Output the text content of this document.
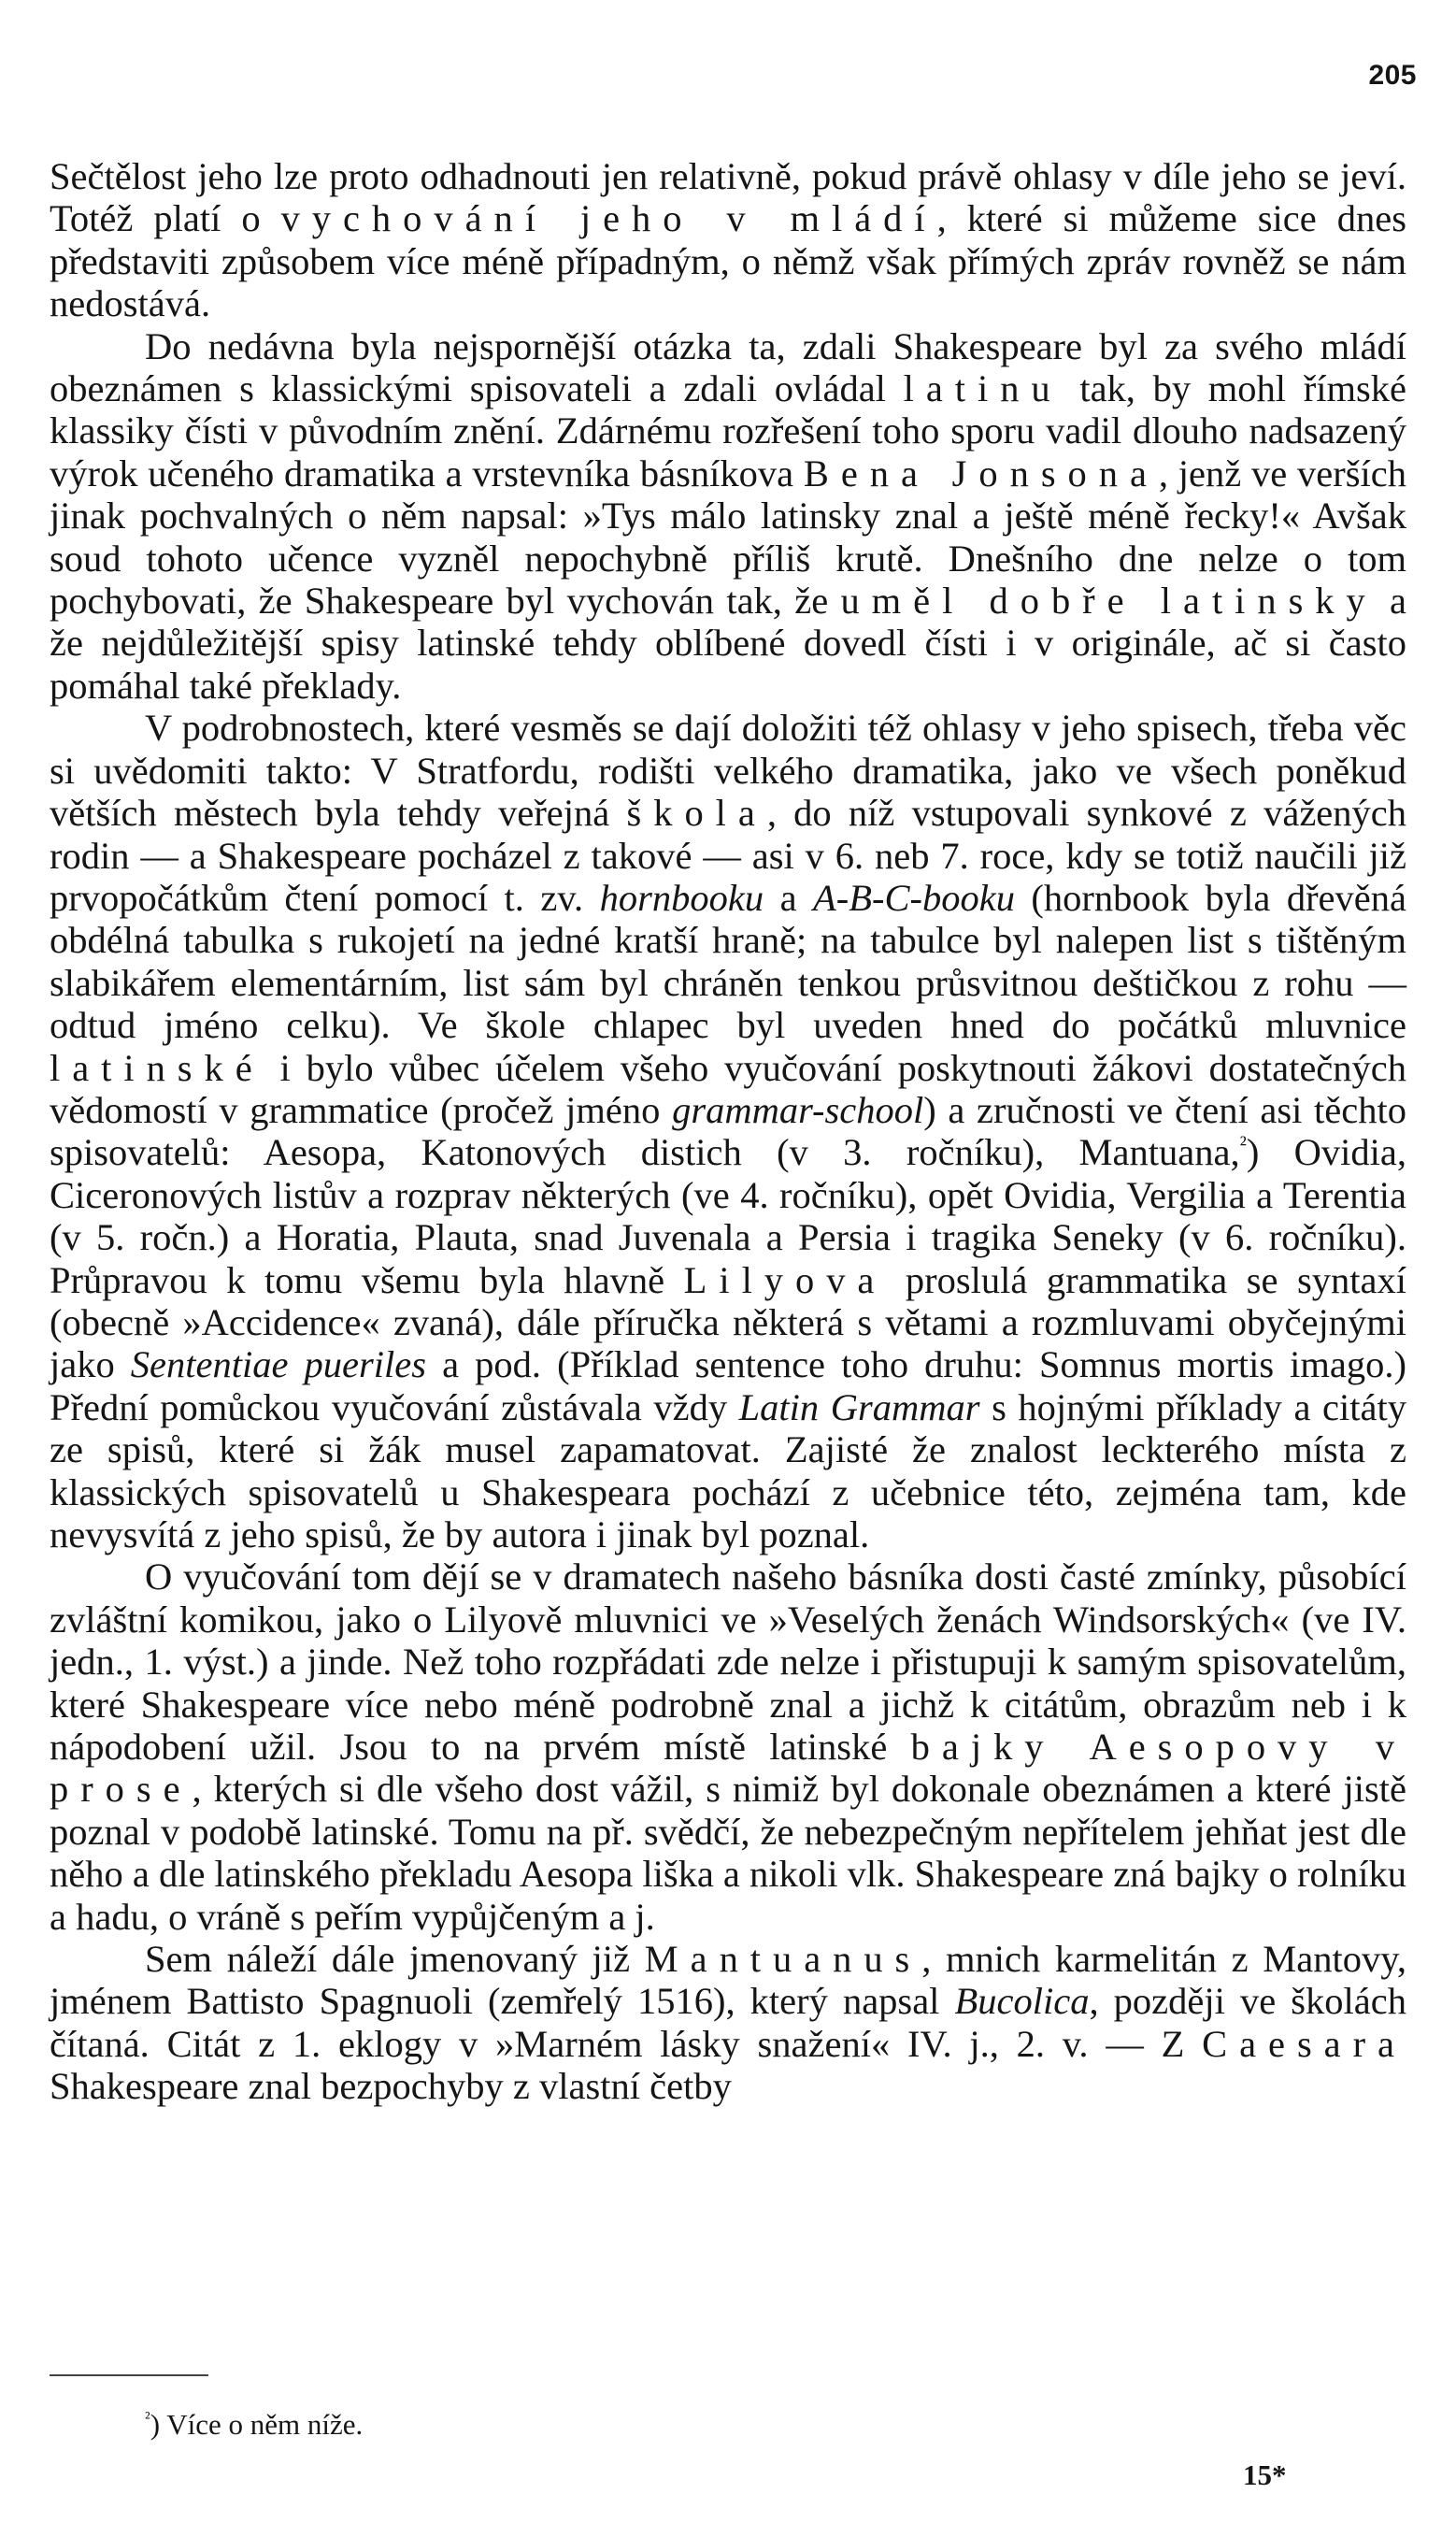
205

Sečtělost jeho lze proto odhadnouti jen relativně, pokud právě ohlasy v díle jeho se jeví. Totéž platí o vychování jeho v mládí, které si můžeme sice dnes představiti způsobem více méně případným, o němž však přímých zpráv rovněž se nám nedostává.

Do nedávna byla nejspornější otázka ta, zdali Shakespeare byl za svého mládí obeznámen s klassickými spisovateli a zdali ovládal latinu tak, by mohl římské klassiky čísti v původním znění. Zdárnému rozřešení toho sporu vadil dlouho nadsazený výrok učeného dramatika a vrstevníka básníkova Bena Jonsona, jenž ve verších jinak pochvalných o něm napsal: »Tys málo latinsky znal a ještě méně řecky!« Avšak soud tohoto učence vyzněl nepochybně příliš krutě. Dnešního dne nelze o tom pochybovati, že Shakespeare byl vychován tak, že uměl dobře latinsky a že nejdůležitější spisy latinské tehdy oblíbené dovedl čísti i v originále, ač si často pomáhal také překlady.

V podrobnostech, které vesměs se dají doložiti též ohlasy v jeho spisech, třeba věc si uvědomiti takto: V Stratfordu, rodišti velkého dramatika, jako ve všech poněkud větších městech byla tehdy veřejná škola, do níž vstupovali synkové z vážených rodin — a Shakespeare pocházel z takové — asi v 6. neb 7. roce, kdy se totiž naučili již prvopočátkům čtení pomocí t. zv. hornbooku a A-B-C-booku (hornbook byla dřevěná obdélná tabulka s rukojetí na jedné kratší hraně; na tabulce byl nalepen list s tištěným slabikářem elementárním, list sám byl chráněn tenkou průsvitnou deštičkou z rohu — odtud jméno celku). Ve škole chlapec byl uveden hned do počátků mluvnice latinské i bylo vůbec účelem všeho vyučování poskytnouti žákovi dostatečných vědomostí v grammatice (pročež jméno grammar-school) a zručnosti ve čtení asi těchto spisovatelů: Aesopa, Katonových distich (v 3. ročníku), Mantuana,$^{^2}$) Ovidia, Ciceronových listův a rozprav některých (ve 4. ročníku), opět Ovidia, Vergilia a Terentia (v 5. ročn.) a Horatia, Plauta, snad Juvenala a Persia i tragika Seneky (v 6. ročníku). Průpravou k tomu všemu byla hlavně Lilyova proslulá grammatika se syntaxí (obecně »Accidence« zvaná), dále příručka některá s větami a rozmluvami obyčejnými jako Sententiae pueriles a pod. (Příklad sentence toho druhu: Somnus mortis imago.) Přední pomůckou vyučování zůstávala vždy Latin Grammar s hojnými příklady a citáty ze spisů, které si žák musel zapamatovat. Zajisté že znalost leckterého místa z klassických spisovatelů u Shakespeara pochází z učebnice této, zejména tam, kde nevysvítá z jeho spisů, že by autora i jinak byl poznal.

O vyučování tom dějí se v dramatech našeho básníka dosti časté zmínky, působící zvláštní komikou, jako o Lilyově mluvnici ve »Veselých ženách Windsorských« (ve IV. jedn., 1. výst.) a jinde. Než toho rozpřádati zde nelze i přistupuji k samým spisovatelům, které Shakespeare více nebo méně podrobně znal a jichž k citátům, obrazům neb i k nápodobení užil. Jsou to na prvém místě latinské bajky Aesopovy v prose, kterých si dle všeho dost vážil, s nimiž byl dokonale obeznámen a které jistě poznal v podobě latinské. Tomu na př. svědčí, že nebezpečným nepřítelem jehňat jest dle něho a dle latinského překladu Aesopa liška a nikoli vlk. Shakespeare zná bajky o rolníku a hadu, o vráně s peřím vypůjčeným a j.

Sem náleží dále jmenovaný již Mantuanus, mnich karmelitán z Mantovy, jménem Battisto Spagnuoli (zemřelý 1516), který napsal Bucolica, později ve školách čítaná. Citát z 1. eklogy v »Marném lásky snažení« IV. j., 2. v. — Z Caesara Shakespeare znal bezpochyby z vlastní četby

$^{^2}$) Více o něm níže.
15*
